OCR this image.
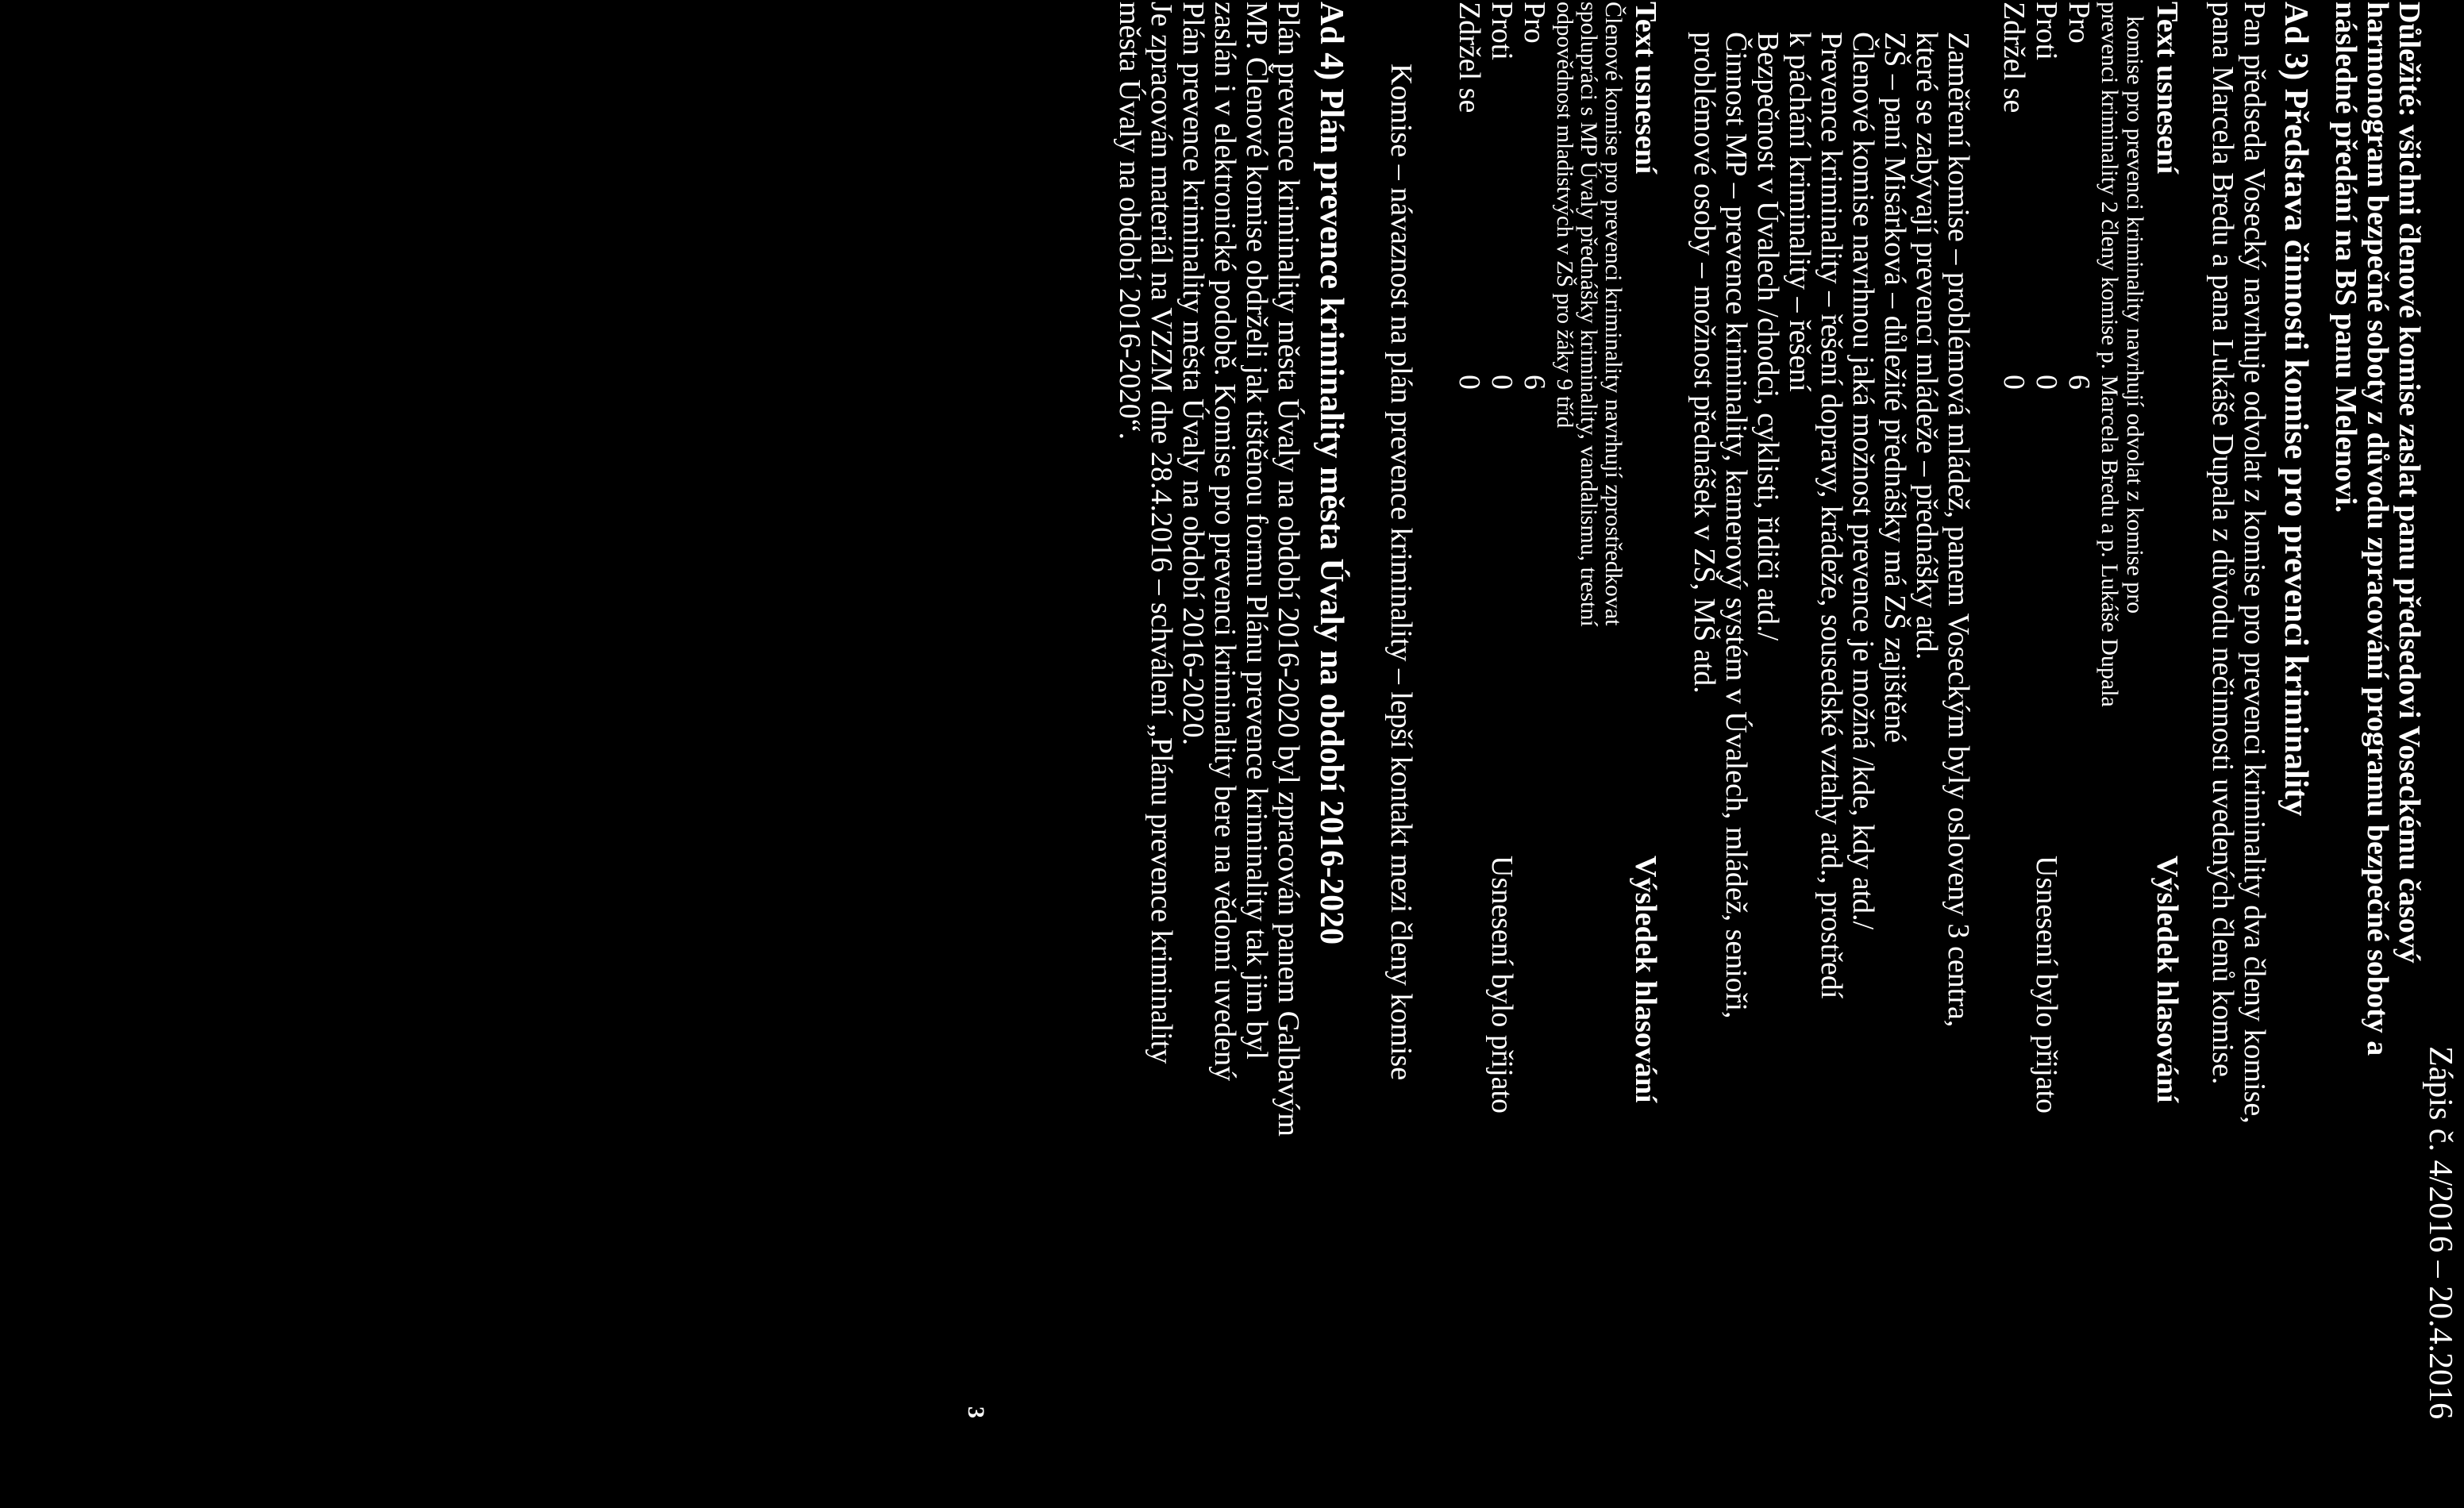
Zápis č. 4/2016 – 20.4.2016
Důležité: všichni členové komise zaslat panu předsedovi Voseckému časový
harmonogram bezpečné soboty z důvodu zpracování programu bezpečné soboty a
následné předání na BS panu Melenovi.
Ad 3) Představa činnosti komise pro prevenci kriminality
Pan předseda Vosecký navrhuje odvolat z komise pro prevenci kriminality dva členy komise,
pana Marcela Bredu a pana Lukáše Dupala z důvodu nečinnosti uvedených členů komise.
Text usnesení
Výsledek hlasování
komise pro prevenci kriminality navrhují odvolat z komise pro
prevenci kriminality 2 členy komise p. Marcela Bredu a p. Lukáše Dupala
Pro
6
Proti
0
Usnesení bylo přijato
Zdržel se
0
Zaměření komise – problémová mládež, panem Voseckým byly osloveny 3 centra,
které se zabývají prevencí mládeže – přednášky atd.
ZŠ – paní Misárková – důležité přednášky má ZŠ zajištěné
Členové komise navrhnou jaká možnost prevence je možná /kde, kdy atd./
Prevence kriminality – řešení dopravy, krádeže, sousedské vztahy atd., prostředí
k páchání kriminality – řešení
Bezpečnost v Úvalech /chodci, cyklisti, řidiči atd./
Činnost MP – prevence kriminality, kamerový systém v Úvalech, mládež, senioři,
problémové osoby – možnost přednášek v ZŠ, MŠ atd.
Text usnesení
Výsledek hlasování
Členové komise pro prevenci kriminality navrhují zprostředkovat
spolupráci s MP Úvaly přednášky kriminality, vandalismu, trestní
odpovědnost mladistvých v ZŠ pro žáky 9 tříd
Pro
6
Proti
0
Usnesení bylo přijato
Zdržel se
0
Komise – návaznost na plán prevence kriminality – lepší kontakt mezi členy komise
Ad 4) Plán prevence kriminality města Úvaly na období 2016-2020
Plán prevence kriminality města Úvaly na období 2016-2020 byl zpracován panem Galbavým
MP. Členové komise obdrželi jak tištěnou formu Plánu prevence kriminality tak jim byl
zaslán i v elektronické podobě. Komise pro prevenci kriminality bere na vědomí uvedený
Plán prevence kriminality města Úvaly na období 2016-2020.
Je zpracován materiál na VZZM dne 28.4.2016 – schválení „Plánu prevence kriminality
města Úvaly na období 2016-2020“.
3
